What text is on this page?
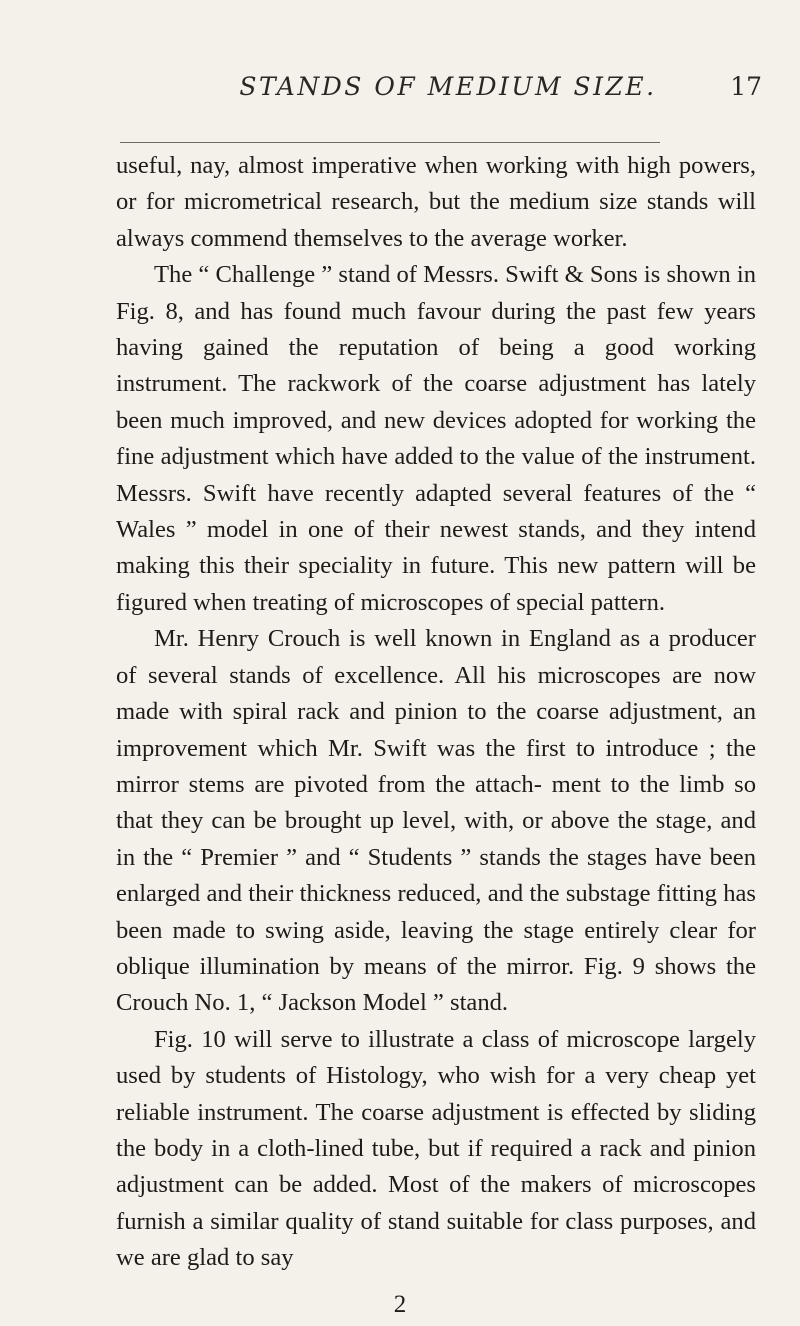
STANDS OF MEDIUM SIZE.	17

useful, nay, almost imperative when working with high powers, or for micrometrical research, but the medium size stands will always commend themselves to the average worker.

The “ Challenge ” stand of Messrs. Swift & Sons is shown in Fig. 8, and has found much favour during the past few years having gained the reputation of being a good working instrument. The rackwork of the coarse adjustment has lately been much improved, and new devices adopted for working the fine adjustment which have added to the value of the instrument. Messrs. Swift have recently adapted several features of the “ Wales ” model in one of their newest stands, and they intend making this their speciality in future. This new pattern will be figured when treating of microscopes of special pattern.

Mr. Henry Crouch is well known in England as a producer of several stands of excellence. All his microscopes are now made with spiral rack and pinion to the coarse adjustment, an improvement which Mr. Swift was the first to introduce ; the mirror stems are pivoted from the attach- ment to the limb so that they can be brought up level, with, or above the stage, and in the “ Premier ” and “ Students ” stands the stages have been enlarged and their thickness reduced, and the substage fitting has been made to swing aside, leaving the stage entirely clear for oblique illumination by means of the mirror. Fig. 9 shows the Crouch No. 1, “ Jackson Model ” stand.

Fig. 10 will serve to illustrate a class of microscope largely used by students of Histology, who wish for a very cheap yet reliable instrument. The coarse adjustment is effected by sliding the body in a cloth-lined tube, but if required a rack and pinion adjustment can be added. Most of the makers of microscopes furnish a similar quality of stand suitable for class purposes, and we are glad to say

2
